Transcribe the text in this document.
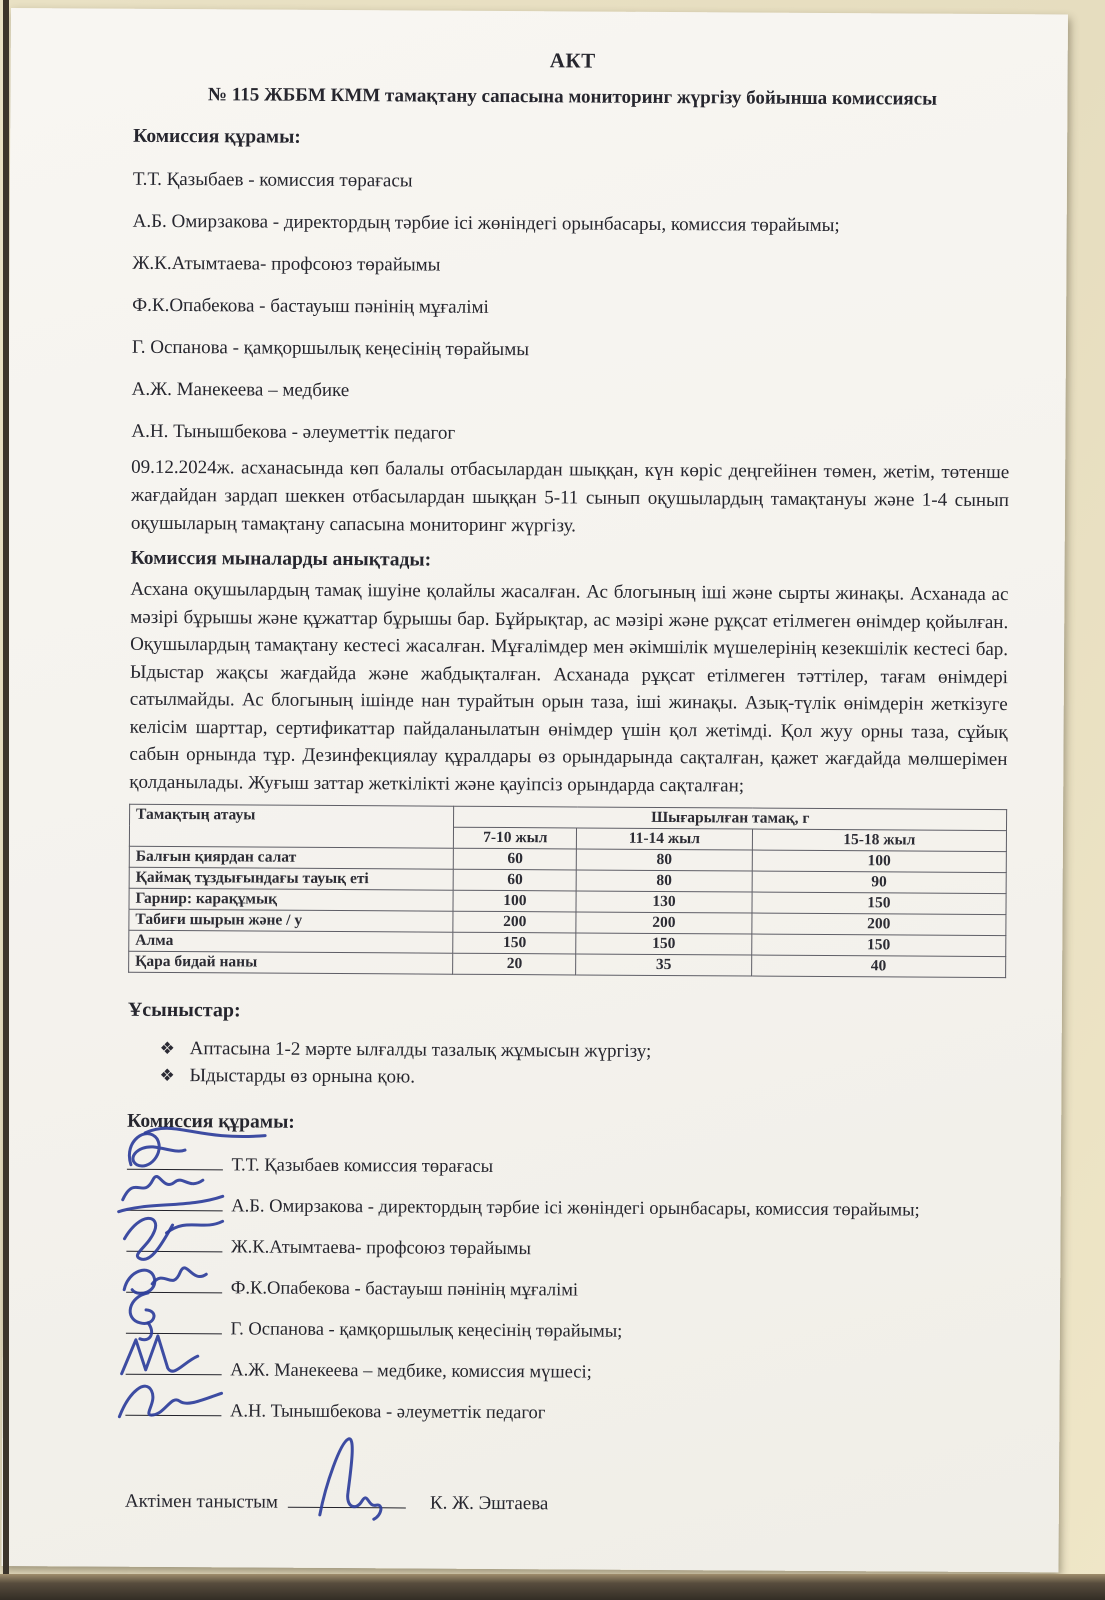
АКТ
№ 115 ЖББМ КММ тамақтану сапасына мониторинг жүргізу бойынша комиссиясы
Комиссия құрамы:

Т.Т. Қазыбаев - комиссия төрағасы

А.Б. Омирзакова - директордың тәрбие ісі жөніндегі орынбасары, комиссия төрайымы;

Ж.К.Атымтаева- профсоюз төрайымы

Ф.К.Опабекова - бастауыш пәнінің мұғалімі

Г. Оспанова - қамқоршылық кеңесінің төрайымы

А.Ж. Манекеева – медбике

А.Н. Тынышбекова - әлеуметтік педагог

09.12.2024ж. асханасында көп балалы отбасылардан шыққан, күн көріс деңгейінен төмен, жетім, төтенше жағдайдан зардап шеккен отбасылардан шыққан 5-11 сынып оқушылардың тамақтануы және 1-4 сынып оқушыларың тамақтану сапасына мониторинг жүргізу.

Комиссия мыналарды анықтады:

Асхана оқушылардың тамақ ішуіне қолайлы жасалған. Ас блогының іші және сырты жинақы. Асханада ас мәзірі бұрышы және құжаттар бұрышы бар. Бұйрықтар, ас мәзірі және рұқсат етілмеген өнімдер қойылған. Оқушылардың тамақтану кестесі жасалған. Мұғалімдер мен әкімшілік мүшелерінің кезекшілік кестесі бар. Ыдыстар жақсы жағдайда және жабдықталған. Асханада рұқсат етілмеген тәттілер, тағам өнімдері сатылмайды. Ас блогының ішінде нан турайтын орын таза, іші жинақы. Азық-түлік өнімдерін жеткізуге келісім шарттар, сертификаттар пайдаланылатын өнімдер үшін қол жетімді. Қол жуу орны таза, сұйық сабын орнында тұр. Дезинфекциялау құралдары өз орындарында сақталған, қажет жағдайда мөлшерімен қолданылады. Жуғыш заттар жеткілікті және қауіпсіз орындарда сақталған;

Тамақтың атауы	Шығарылған тамақ, г		
	7-10 жыл	11-14 жыл	15-18 жыл
Балғын қиярдан салат	60	80	100
Қаймақ тұздығындағы тауық еті	60	80	90
Гарнир: карақұмық	100	130	150
Табиғи шырын және / у	200	200	200
Алма	150	150	150
Қара бидай наны	20	35	40
Ұсыныстар:
❖ Аптасына 1-2 мәрте ылғалды тазалық жұмысын жүргізу;
❖ Ыдыстарды өз орнына қою.
Комиссия құрамы:
Т.Т. Қазыбаев комиссия төрағасы
А.Б. Омирзакова - директордың тәрбие ісі жөніндегі орынбасары, комиссия төрайымы;
Ж.К.Атымтаева- профсоюз төрайымы
Ф.К.Опабекова - бастауыш пәнінің мұғалімі
Г. Оспанова - қамқоршылық кеңесінің төрайымы;
А.Ж. Манекеева – медбике, комиссия мүшесі;
А.Н. Тынышбекова - әлеуметтік педагог
Актімен таныстым	К. Ж. Эштаева
